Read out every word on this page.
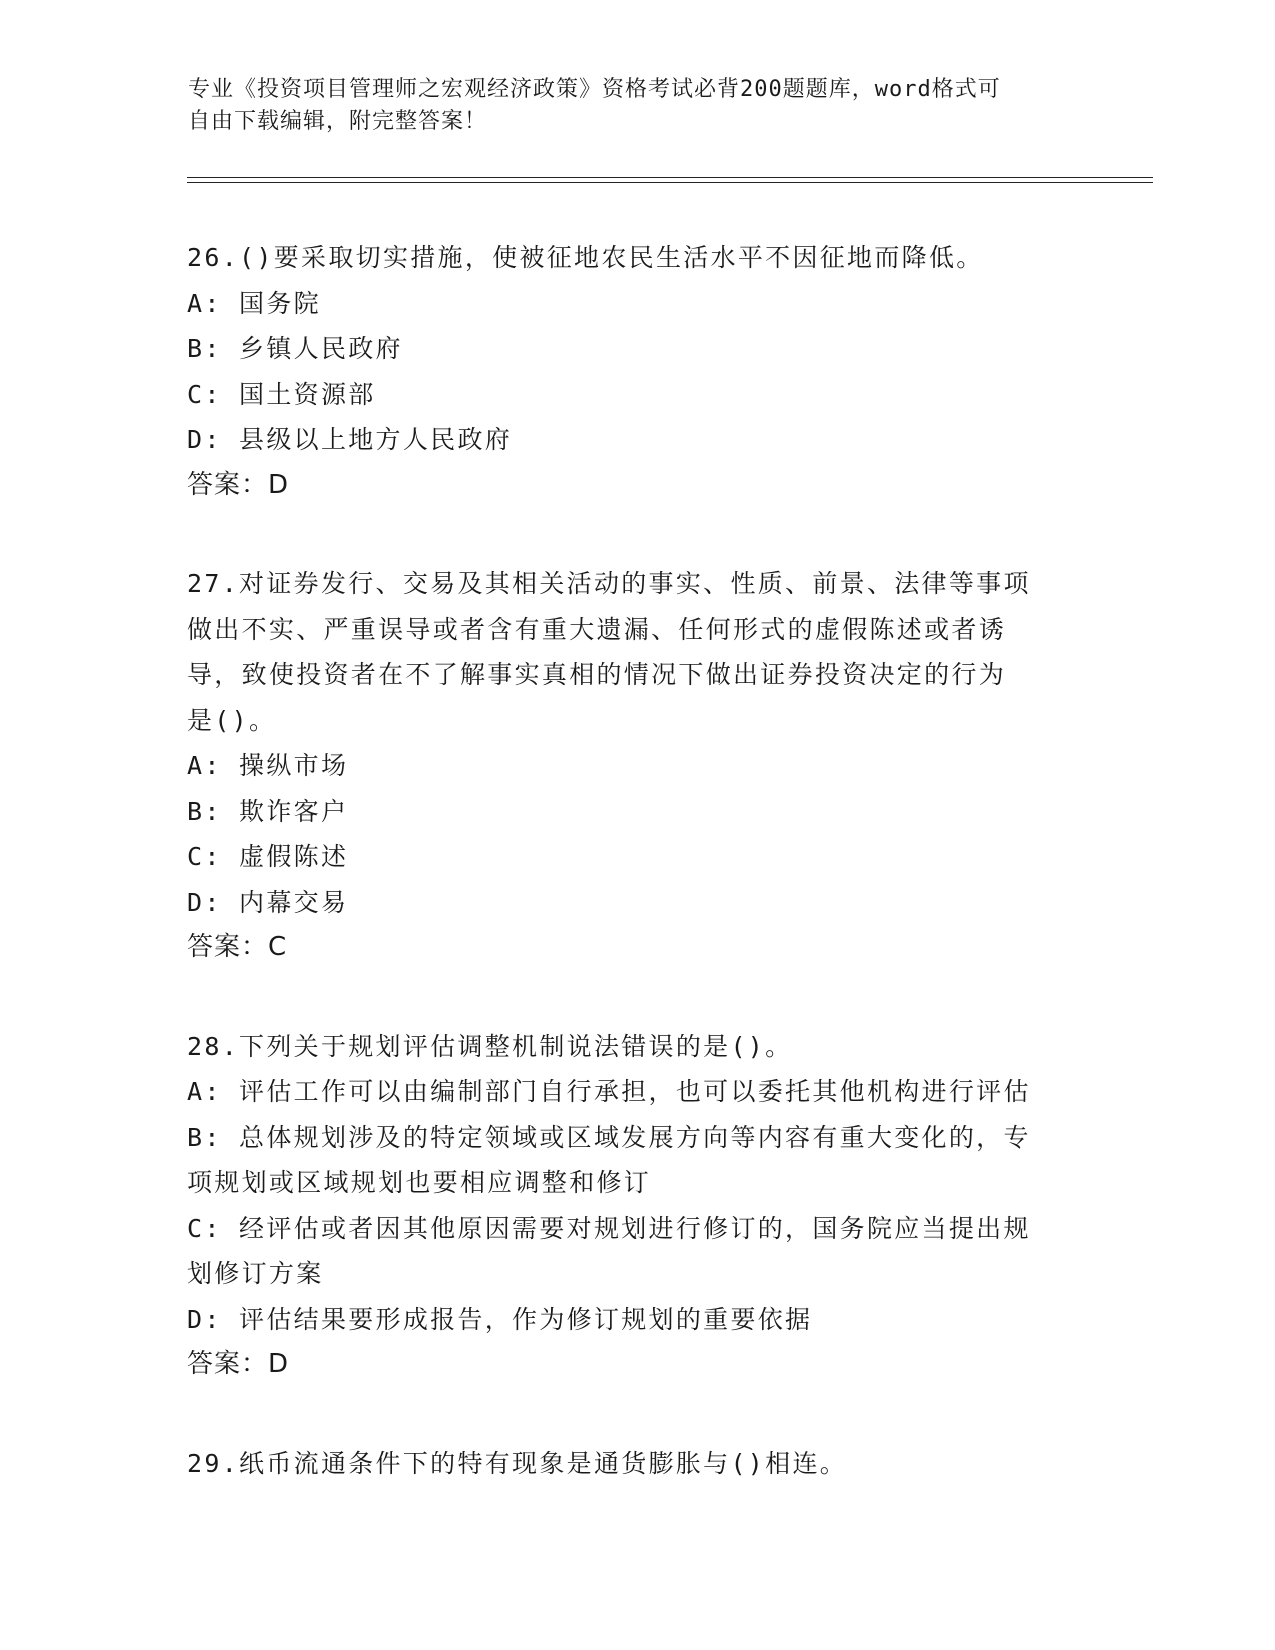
专业《投资项目管理师之宏观经济政策》资格考试必背200题题库，word格式可
自由下载编辑，附完整答案！
26.()要采取切实措施，使被征地农民生活水平不因征地而降低。
A: 国务院
B: 乡镇人民政府
C: 国土资源部
D: 县级以上地方人民政府
答案：D
27.对证券发行、交易及其相关活动的事实、性质、前景、法律等事项
做出不实、严重误导或者含有重大遗漏、任何形式的虚假陈述或者诱
导，致使投资者在不了解事实真相的情况下做出证券投资决定的行为
是()。
A: 操纵市场
B: 欺诈客户
C: 虚假陈述
D: 内幕交易
答案：C
28.下列关于规划评估调整机制说法错误的是()。
A: 评估工作可以由编制部门自行承担，也可以委托其他机构进行评估
B: 总体规划涉及的特定领域或区域发展方向等内容有重大变化的，专
项规划或区域规划也要相应调整和修订
C: 经评估或者因其他原因需要对规划进行修订的，国务院应当提出规
划修订方案
D: 评估结果要形成报告，作为修订规划的重要依据
答案：D
29.纸币流通条件下的特有现象是通货膨胀与()相连。
